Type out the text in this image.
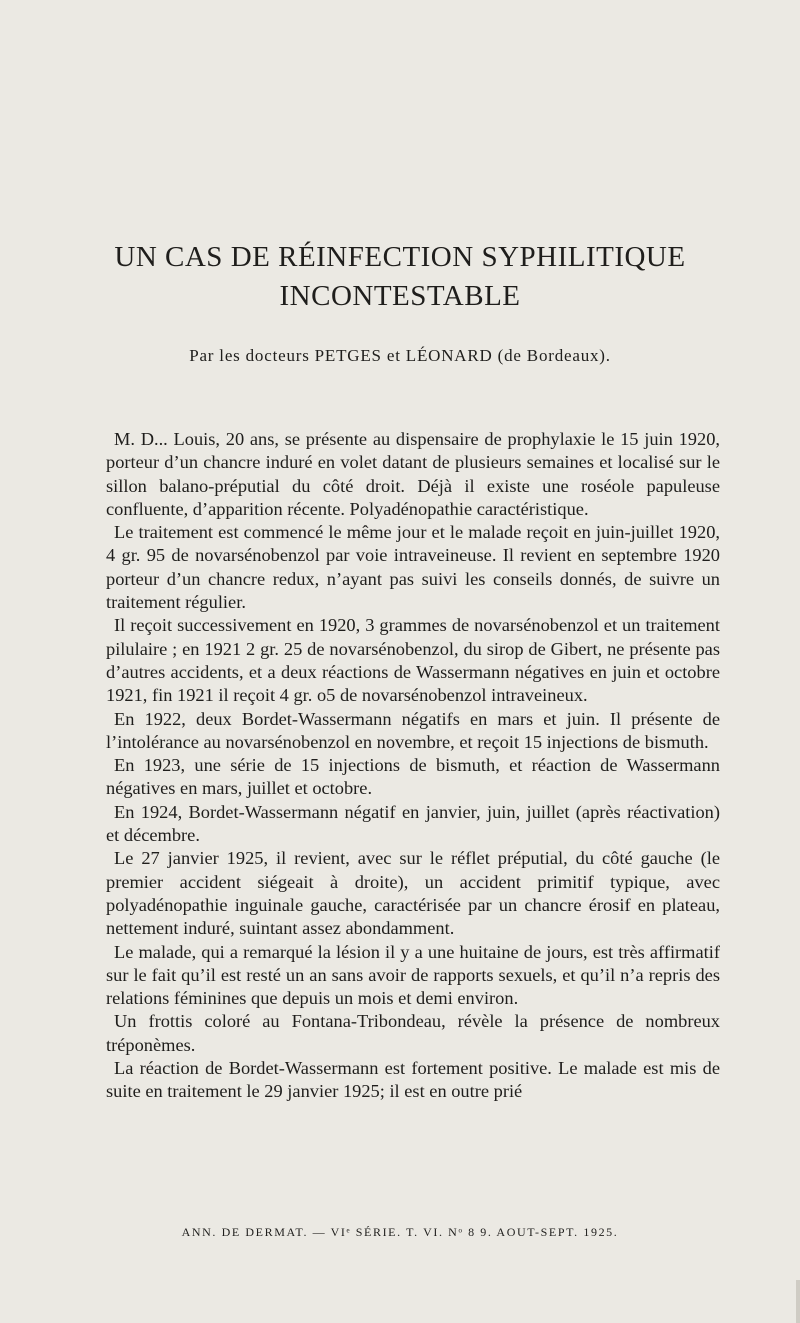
UN CAS DE RÉINFECTION SYPHILITIQUE
INCONTESTABLE
Par les docteurs PETGES et LÉONARD (de Bordeaux).

M. D... Louis, 20 ans, se présente au dispensaire de prophylaxie le 15 juin 1920, porteur d’un chancre induré en volet datant de plusieurs semaines et localisé sur le sillon balano-préputial du côté droit. Déjà il existe une roséole papuleuse confluente, d’apparition récente. Polyadénopathie caractéristique.

Le traitement est commencé le même jour et le malade reçoit en juin-juillet 1920, 4 gr. 95 de novarsénobenzol par voie intraveineuse. Il revient en septembre 1920 porteur d’un chancre redux, n’ayant pas suivi les conseils donnés, de suivre un traitement régulier.

Il reçoit successivement en 1920, 3 grammes de novarsénobenzol et un traitement pilulaire ; en 1921 2 gr. 25 de novarsénobenzol, du sirop de Gibert, ne présente pas d’autres accidents, et a deux réactions de Wassermann négatives en juin et octobre 1921, fin 1921 il reçoit 4 gr. o5 de novarsénobenzol intraveineux.

En 1922, deux Bordet-Wassermann négatifs en mars et juin. Il présente de l’intolérance au novarsénobenzol en novembre, et reçoit 15 injections de bismuth.

En 1923, une série de 15 injections de bismuth, et réaction de Wassermann négatives en mars, juillet et octobre.

En 1924, Bordet-Wassermann négatif en janvier, juin, juillet (après réactivation) et décembre.

Le 27 janvier 1925, il revient, avec sur le réflet préputial, du côté gauche (le premier accident siégeait à droite), un accident primitif typique, avec polyadénopathie inguinale gauche, caractérisée par un chancre érosif en plateau, nettement induré, suintant assez abondamment.

Le malade, qui a remarqué la lésion il y a une huitaine de jours, est très affirmatif sur le fait qu’il est resté un an sans avoir de rapports sexuels, et qu’il n’a repris des relations féminines que depuis un mois et demi environ.

Un frottis coloré au Fontana-Tribondeau, révèle la présence de nombreux tréponèmes.

La réaction de Bordet-Wassermann est fortement positive. Le malade est mis de suite en traitement le 29 janvier 1925; il est en outre prié

ANN. DE DERMAT. — VIᵉ SÉRIE. T. VI. Nᵒ 8 9. AOUT-SEPT. 1925.
